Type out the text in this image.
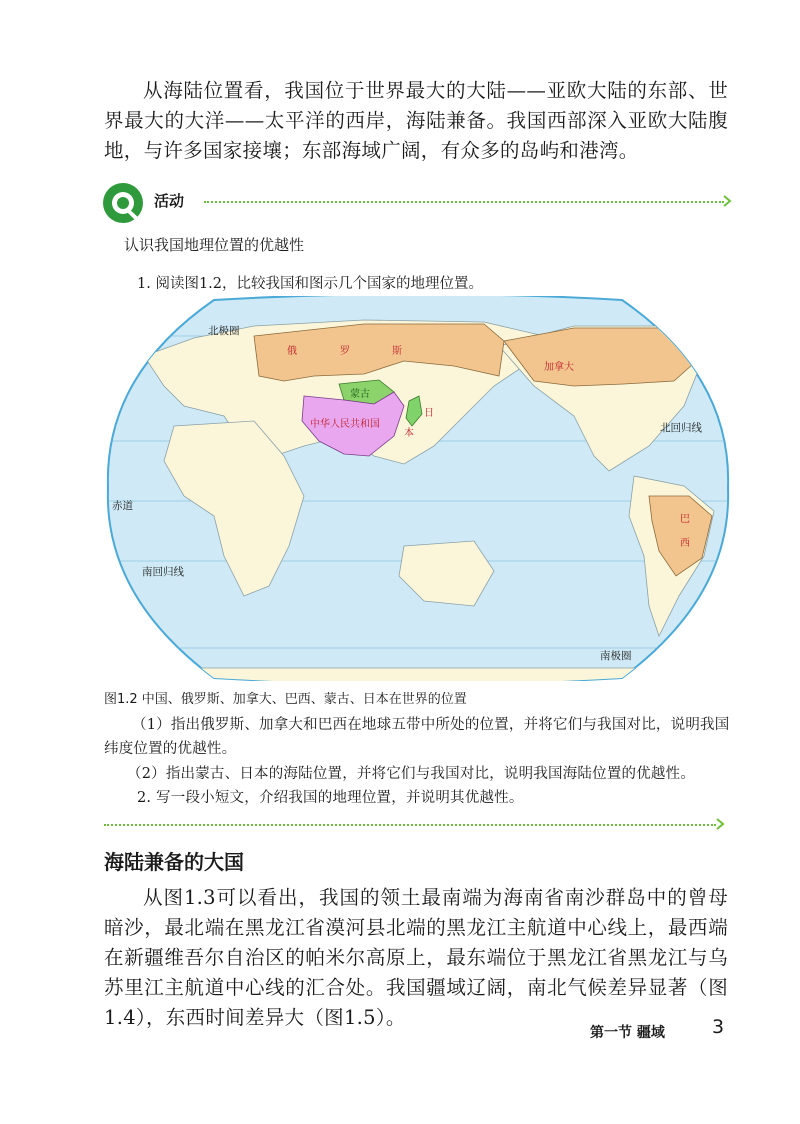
从海陆位置看，我国位于世界最大的大陆——亚欧大陆的东部、世界最大的大洋——太平洋的西岸，海陆兼备。我国西部深入亚欧大陆腹地，与许多国家接壤；东部海域广阔，有众多的岛屿和港湾。

活动
认识我国地理位置的优越性
1. 阅读图1.2，比较我国和图示几个国家的地理位置。
北极圈
北回归线
赤道
南回归线
南极圈
俄	罗	斯
蒙古
中华人民共和国
日
本
加拿大
巴
西
图1.2 中国、俄罗斯、加拿大、巴西、蒙古、日本在世界的位置

（1）指出俄罗斯、加拿大和巴西在地球五带中所处的位置，并将它们与我国对比，说明我国纬度位置的优越性。

（2）指出蒙古、日本的海陆位置，并将它们与我国对比，说明我国海陆位置的优越性。

2. 写一段小短文，介绍我国的地理位置，并说明其优越性。

海陆兼备的大国

从图1.3可以看出，我国的领土最南端为海南省南沙群岛中的曾母暗沙，最北端在黑龙江省漠河县北端的黑龙江主航道中心线上，最西端在新疆维吾尔自治区的帕米尔高原上，最东端位于黑龙江省黑龙江与乌苏里江主航道中心线的汇合处。我国疆域辽阔，南北气候差异显著（图1.4），东西时间差异大（图1.5）。

第一节 疆域 3
